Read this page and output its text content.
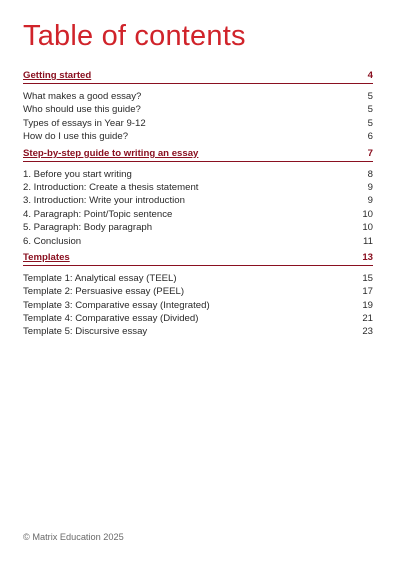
Table of contents
Getting started	4
What makes a good essay?	5
Who should use this guide?	5
Types of essays in Year 9-12	5
How do I use this guide?	6
Step-by-step guide to writing an essay	7
1. Before you start writing	8
2. Introduction: Create a thesis statement	9
3. Introduction: Write your introduction	9
4. Paragraph: Point/Topic sentence	10
5. Paragraph: Body paragraph	10
6. Conclusion	11
Templates	13
Template 1: Analytical essay (TEEL)	15
Template 2: Persuasive essay (PEEL)	17
Template 3: Comparative essay (Integrated)	19
Template 4: Comparative essay (Divided)	21
Template 5: Discursive essay	23
© Matrix Education 2025
